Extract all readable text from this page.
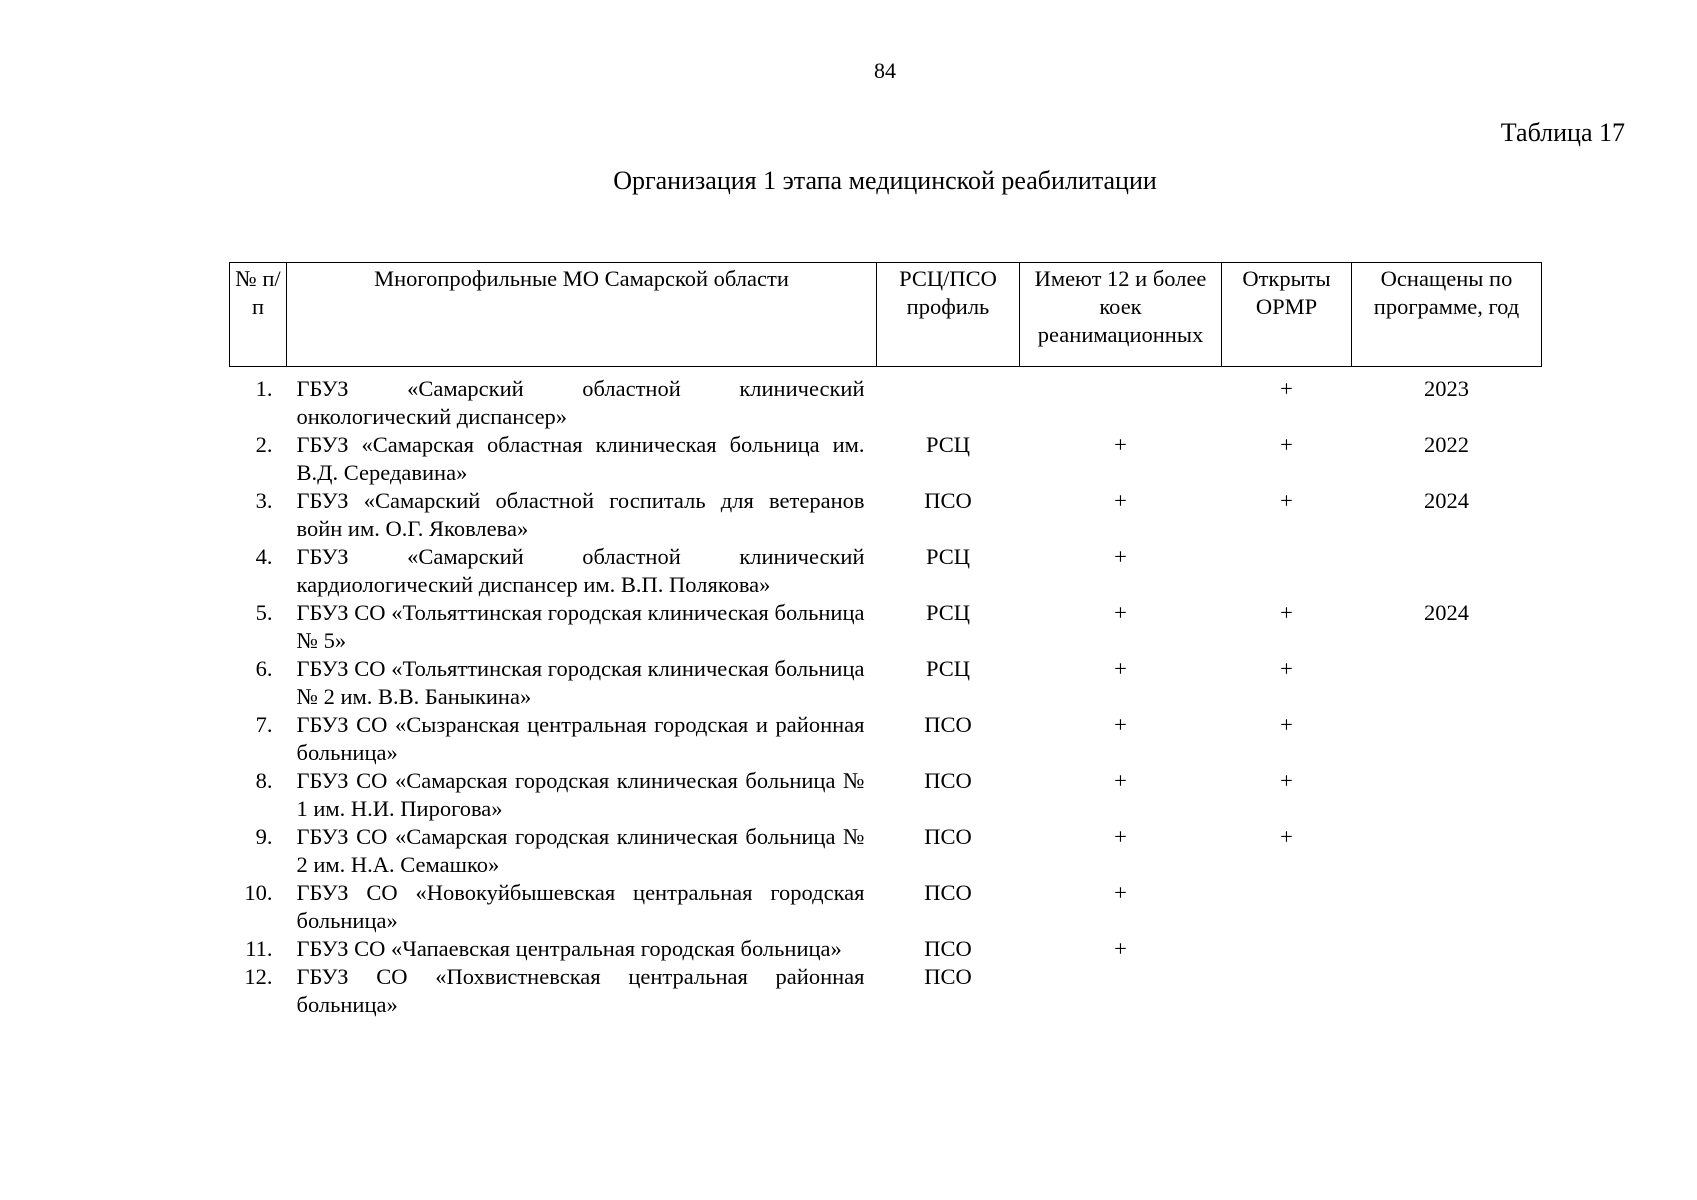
84
Таблица 17
Организация 1 этапа медицинской реабилитации
№ п/п	Многопрофильные МО Самарской области	РСЦ/ПСО профиль	Имеют 12 и более коек реанимационных	Открыты ОРМР	Оснащены по программе, год
1.	ГБУЗ «Самарский областной клинический онкологический диспансер»			+	2023
2.	ГБУЗ «Самарская областная клиническая больница им. В.Д. Середавина»	РСЦ	+	+	2022
3.	ГБУЗ «Самарский областной госпиталь для ветеранов войн им. О.Г. Яковлева»	ПСО	+	+	2024
4.	ГБУЗ «Самарский областной клинический кардиологический диспансер им. В.П. Полякова»	РСЦ	+		
5.	ГБУЗ СО «Тольяттинская городская клиническая больница № 5»	РСЦ	+	+	2024
6.	ГБУЗ СО «Тольяттинская городская клиническая больница № 2 им. В.В. Баныкина»	РСЦ	+	+	
7.	ГБУЗ СО «Сызранская центральная городская и районная больница»	ПСО	+	+	
8.	ГБУЗ СО «Самарская городская клиническая больница № 1 им. Н.И. Пирогова»	ПСО	+	+	
9.	ГБУЗ СО «Самарская городская клиническая больница № 2 им. Н.А. Семашко»	ПСО	+	+	
10.	ГБУЗ СО «Новокуйбышевская центральная городская больница»	ПСО	+		
11.	ГБУЗ СО «Чапаевская центральная городская больница»	ПСО	+		
12.	ГБУЗ СО «Похвистневская центральная районная больница»	ПСО			
